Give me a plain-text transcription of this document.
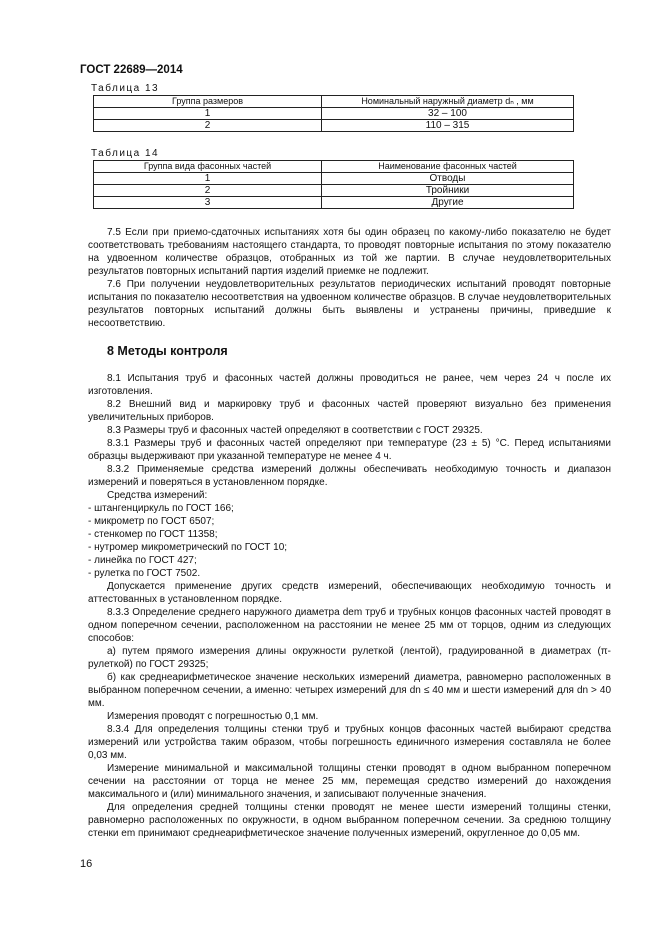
ГОСТ 22689—2014
Таблица 13
Группа размеров	Номинальный наружный диаметр dₙ , мм
1	32 – 100
2	110 – 315
Таблица 14
Группа вида фасонных частей	Наименование фасонных частей
1	Отводы
2	Тройники
3	Другие

7.5 Если при приемо-сдаточных испытаниях хотя бы один образец по какому-либо показателю не будет соответствовать требованиям настоящего стандарта, то проводят повторные испытания по этому показателю на удвоенном количестве образцов, отобранных из той же партии. В случае неудовлетворительных результатов повторных испытаний партия изделий приемке не подлежит.

7.6 При получении неудовлетворительных результатов периодических испытаний проводят повторные испытания по показателю несоответствия на удвоенном количестве образцов. В случае неудовлетворительных результатов повторных испытаний должны быть выявлены и устранены причины, приведшие к несоответствию.

8 Методы контроля

8.1 Испытания труб и фасонных частей должны проводиться не ранее, чем через 24 ч после их изготовления.

8.2 Внешний вид и маркировку труб и фасонных частей проверяют визуально без применения увеличительных приборов.

8.3 Размеры труб и фасонных частей определяют в соответствии с ГОСТ 29325.

8.3.1 Размеры труб и фасонных частей определяют при температуре (23 ± 5) °С. Перед испытаниями образцы выдерживают при указанной температуре не менее 4 ч.

8.3.2 Применяемые средства измерений должны обеспечивать необходимую точность и диапазон измерений и поверяться в установленном порядке.

Средства измерений:

- штангенциркуль по ГОСТ 166;

- микрометр по ГОСТ 6507;

- стенкомер по ГОСТ 11358;

- нутромер микрометрический по ГОСТ 10;

- линейка по ГОСТ 427;

- рулетка по ГОСТ 7502.

Допускается применение других средств измерений, обеспечивающих необходимую точность и аттестованных в установленном порядке.

8.3.3 Определение среднего наружного диаметра dem труб и трубных концов фасонных частей проводят в одном поперечном сечении, расположенном на расстоянии не менее 25 мм от торцов, одним из следующих способов:

а) путем прямого измерения длины окружности рулеткой (лентой), градуированной в диаметрах (π-рулеткой) по ГОСТ 29325;

б) как среднеарифметическое значение нескольких измерений диаметра, равномерно расположенных в выбранном поперечном сечении, а именно: четырех измерений для dn ≤ 40 мм и шести измерений для dn > 40 мм.

Измерения проводят с погрешностью 0,1 мм.

8.3.4 Для определения толщины стенки труб и трубных концов фасонных частей выбирают средства измерений или устройства таким образом, чтобы погрешность единичного измерения составляла не более 0,03 мм.

Измерение минимальной и максимальной толщины стенки проводят в одном выбранном поперечном сечении на расстоянии от торца не менее 25 мм, перемещая средство измерений до нахождения максимального и (или) минимального значения, и записывают полученные значения.

Для определения средней толщины стенки проводят не менее шести измерений толщины стенки, равномерно расположенных по окружности, в одном выбранном поперечном сечении. За среднюю толщину стенки em принимают среднеарифметическое значение полученных измерений, округленное до 0,05 мм.

16
